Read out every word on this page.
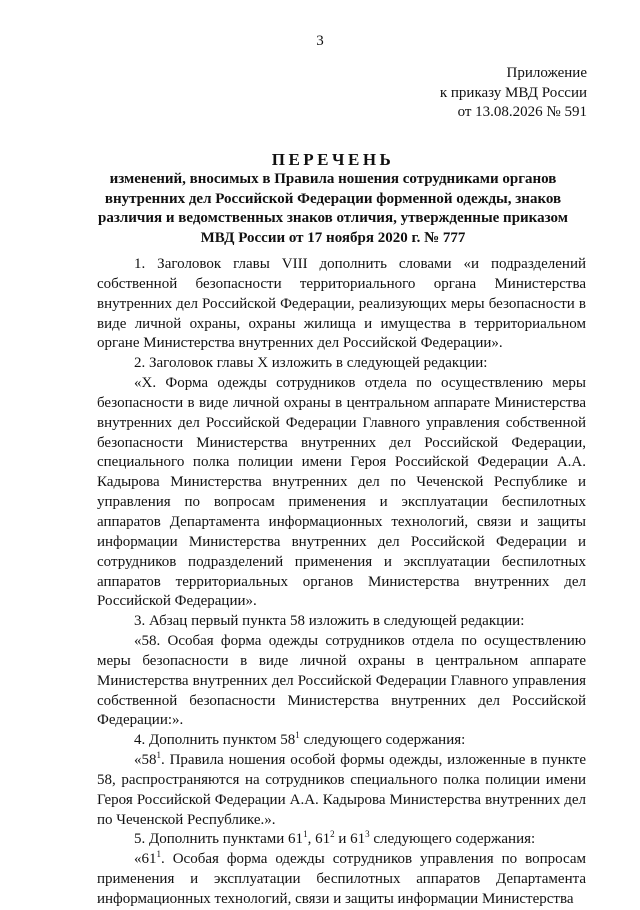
3
Приложение
к приказу МВД России
от 13.08.2026 № 591
ПЕРЕЧЕНЬ
изменений, вносимых в Правила ношения сотрудниками органов внутренних дел Российской Федерации форменной одежды, знаков различия и ведомственных знаков отличия, утвержденные приказом МВД России от 17 ноября 2020 г. № 777

1. Заголовок главы VIII дополнить словами «и подразделений собственной безопасности территориального органа Министерства внутренних дел Российской Федерации, реализующих меры безопасности в виде личной охраны, охраны жилища и имущества в территориальном органе Министерства внутренних дел Российской Федерации».

2. Заголовок главы X изложить в следующей редакции:

«X. Форма одежды сотрудников отдела по осуществлению меры безопасности в виде личной охраны в центральном аппарате Министерства внутренних дел Российской Федерации Главного управления собственной безопасности Министерства внутренних дел Российской Федерации, специального полка полиции имени Героя Российской Федерации А.А. Кадырова Министерства внутренних дел по Чеченской Республике и управления по вопросам применения и эксплуатации беспилотных аппаратов Департамента информационных технологий, связи и защиты информации Министерства внутренних дел Российской Федерации и сотрудников подразделений применения и эксплуатации беспилотных аппаратов территориальных органов Министерства внутренних дел Российской Федерации».

3. Абзац первый пункта 58 изложить в следующей редакции:

«58. Особая форма одежды сотрудников отдела по осуществлению меры безопасности в виде личной охраны в центральном аппарате Министерства внутренних дел Российской Федерации Главного управления собственной безопасности Министерства внутренних дел Российской Федерации:».

4. Дополнить пунктом $58^1$ следующего содержания:

«$58^1$. Правила ношения особой формы одежды, изложенные в пункте 58, распространяются на сотрудников специального полка полиции имени Героя Российской Федерации А.А. Кадырова Министерства внутренних дел по Чеченской Республике.».

5. Дополнить пунктами $61^1$, $61^2$ и $61^3$ следующего содержания:

«$61^1$. Особая форма одежды сотрудников управления по вопросам применения и эксплуатации беспилотных аппаратов Департамента информационных технологий, связи и защиты информации Министерства
